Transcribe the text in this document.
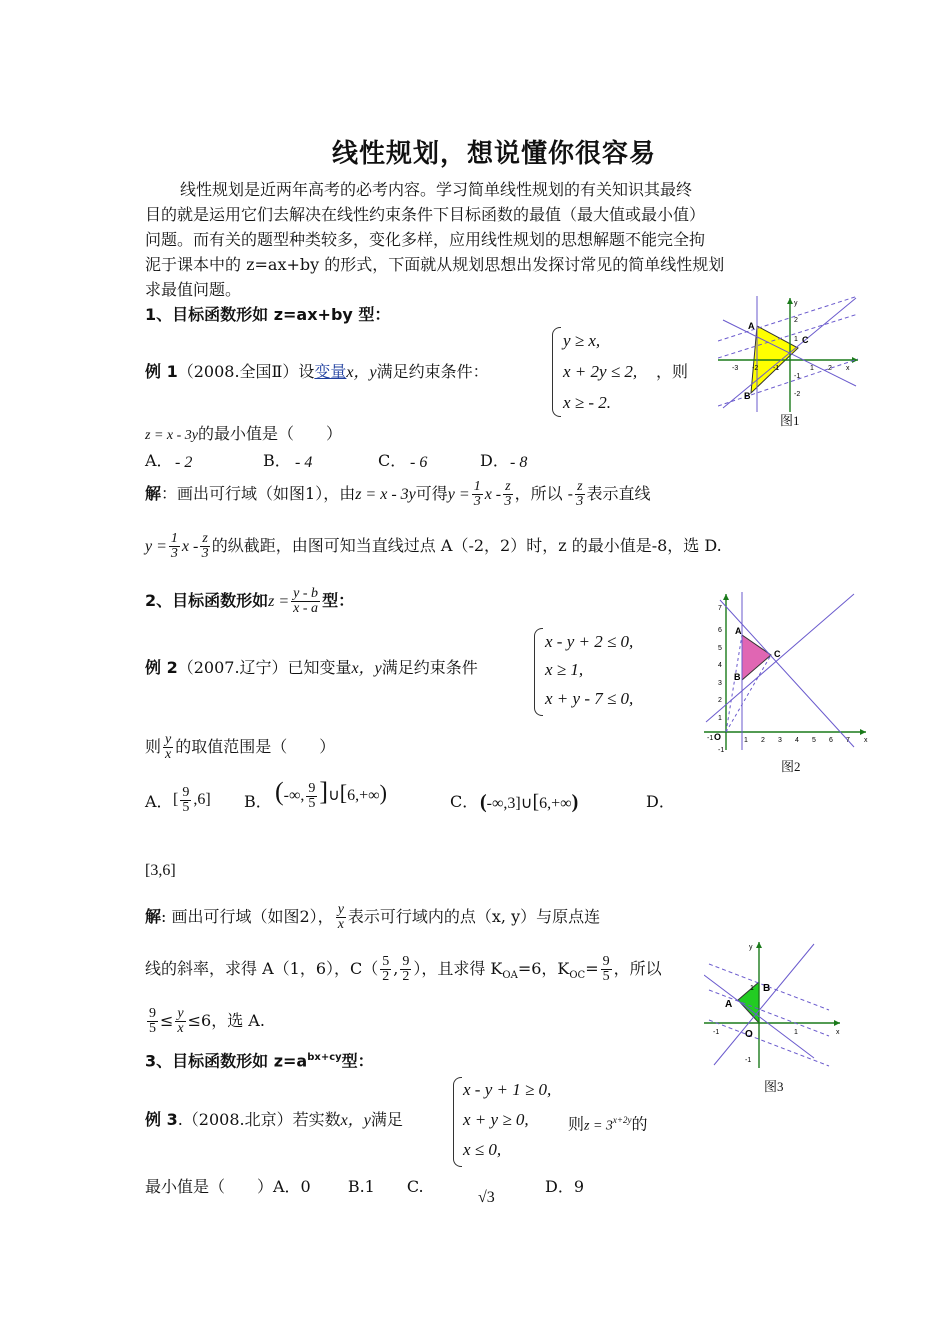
线性规划，想说懂你很容易
线性规划是近两年高考的必考内容。学习简单线性规划的有关知识其最终
目的就是运用它们去解决在线性约束条件下目标函数的最值（最大值或最小值）
问题。而有关的题型种类较多，变化多样，应用线性规划的思想解题不能完全拘
泥于课本中的 z=ax+by 的形式，下面就从规划思想出发探讨常见的简单线性规划
求最值问题。
1、目标函数形如 z=ax+by 型：
例 1（2008.全国Ⅱ）设变量x，y满足约束条件：
y ≥ x,
x + 2y ≤ 2,
x ≥ - 2.
，则
z = x - 3y的最小值是（　　）
A． - 2	B． - 4	C． - 6	D． - 8
解：画出可行域（如图1），由z = x - 3y可得$y = \frac{1}{3}$ x - $\frac{z}{3}$ ，所以 - $\frac{z}{3}$ 表示直线
$y = \frac{1}{3}$ x - $\frac{z}{3}$ 的纵截距，由图可知当直线过点 A（-2，2）时，z 的最小值是-8，选 D.
A
B
C
y
2
1
-1
-2
-3 -2 -1	1 2 x
图1
2、目标函数形如$z = \frac{y - b}{x - a}$ 型：
例 2（2007.辽宁）已知变量x，y满足约束条件
x - y + 2 ≤ 0,
x ≥ 1,
x + y - 7 ≤ 0,
则 $\frac{y}{x}$ 的取值范围是（　　）
A． [ $\frac{9}{5} ,6$] B． (-∞, $\frac{9}{5}$ ]∪[6,+∞)	C． (-∞,3]∪[6,+∞)	D．
[3,6]
解: 画出可行域（如图2）， $\frac{y}{x}$ 表示可行域内的点（x, y）与原点连
线的斜率，求得 A（1，6），$C( \frac{5}{2}$ , $\frac{9}{2}$ ），且求得 $K_{OA}=6$，$K_{OC}= \frac{9}{5}$ ，所以
$\frac{9}{5} \le \frac{y}{x} \le 6$，选 A.
A
B
C
O
-1
7
6
5
4
3
2
1
-1
1 2 3 4 5 6 7 x
图2
3、目标函数形如 $z=a^{bx+cy}$型：
例 3.（2008.北京）若实数x，y满足
x - y + 1 ≥ 0,
x + y ≥ 0,
x ≤ 0,
则$z = 3^{x+2y}$的
最小值是（　　）A．0　　 B.1　　C.
√3
D．9
A
B
O
y
1
-1
-1	1	x
图3
